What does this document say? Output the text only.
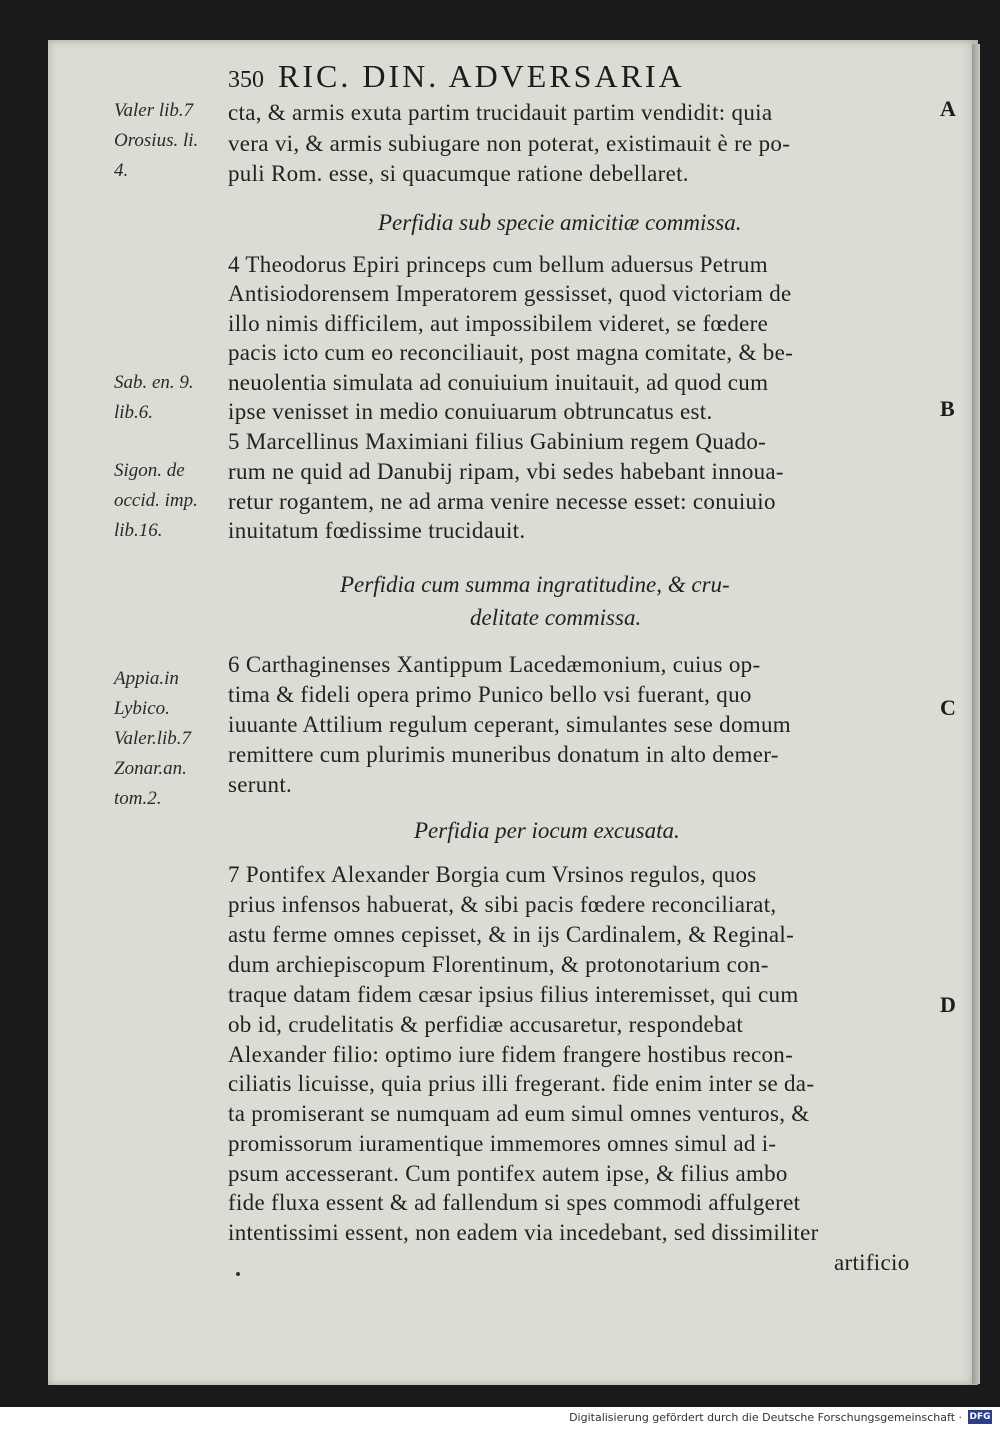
350 RIC. DIN. ADVERSARIA
Valer lib.7
Orosius. li.
4.
Sab. en. 9.
lib.6.
Sigon. de
occid. imp.
lib.16.
Appia.in
Lybico.
Valer.lib.7
Zonar.an.
tom.2.
A
B
C
D
cta, & armis exuta partim trucidauit partim vendidit: quia
vera vi, & armis subiugare non poterat, existimauit è re po-
puli Rom. esse, si quacumque ratione debellaret.
Perfidia sub specie amicitiæ commissa.
4 Theodorus Epiri princeps cum bellum aduersus Petrum
Antisiodorensem Imperatorem gessisset, quod victoriam de
illo nimis difficilem, aut impossibilem videret, se fœdere
pacis icto cum eo reconciliauit, post magna comitate, & be-
neuolentia simulata ad conuiuium inuitauit, ad quod cum
ipse venisset in medio conuiuarum obtruncatus est.
5 Marcellinus Maximiani filius Gabinium regem Quado-
rum ne quid ad Danubij ripam, vbi sedes habebant innoua-
retur rogantem, ne ad arma venire necesse esset: conuiuio
inuitatum fœdissime trucidauit.
Perfidia cum summa ingratitudine, & cru-
delitate commissa.
6 Carthaginenses Xantippum Lacedæmonium, cuius op-
tima & fideli opera primo Punico bello vsi fuerant, quo
iuuante Attilium regulum ceperant, simulantes sese domum
remittere cum plurimis muneribus donatum in alto demer-
serunt.
Perfidia per iocum excusata.
7 Pontifex Alexander Borgia cum Vrsinos regulos, quos
prius infensos habuerat, & sibi pacis fœdere reconciliarat,
astu ferme omnes cepisset, & in ijs Cardinalem, & Reginal-
dum archiepiscopum Florentinum, & protonotarium con-
traque datam fidem cæsar ipsius filius interemisset, qui cum
ob id, crudelitatis & perfidiæ accusaretur, respondebat
Alexander filio: optimo iure fidem frangere hostibus recon-
ciliatis licuisse, quia prius illi fregerant. fide enim inter se da-
ta promiserant se numquam ad eum simul omnes venturos, &
promissorum iuramentique immemores omnes simul ad i-
psum accesserant. Cum pontifex autem ipse, & filius ambo
fide fluxa essent & ad fallendum si spes commodi affulgeret
intentissimi essent, non eadem via incedebant, sed dissimiliter
artificio
Digitalisierung gefördert durch die Deutsche Forschungsgemeinschaft · DFG
